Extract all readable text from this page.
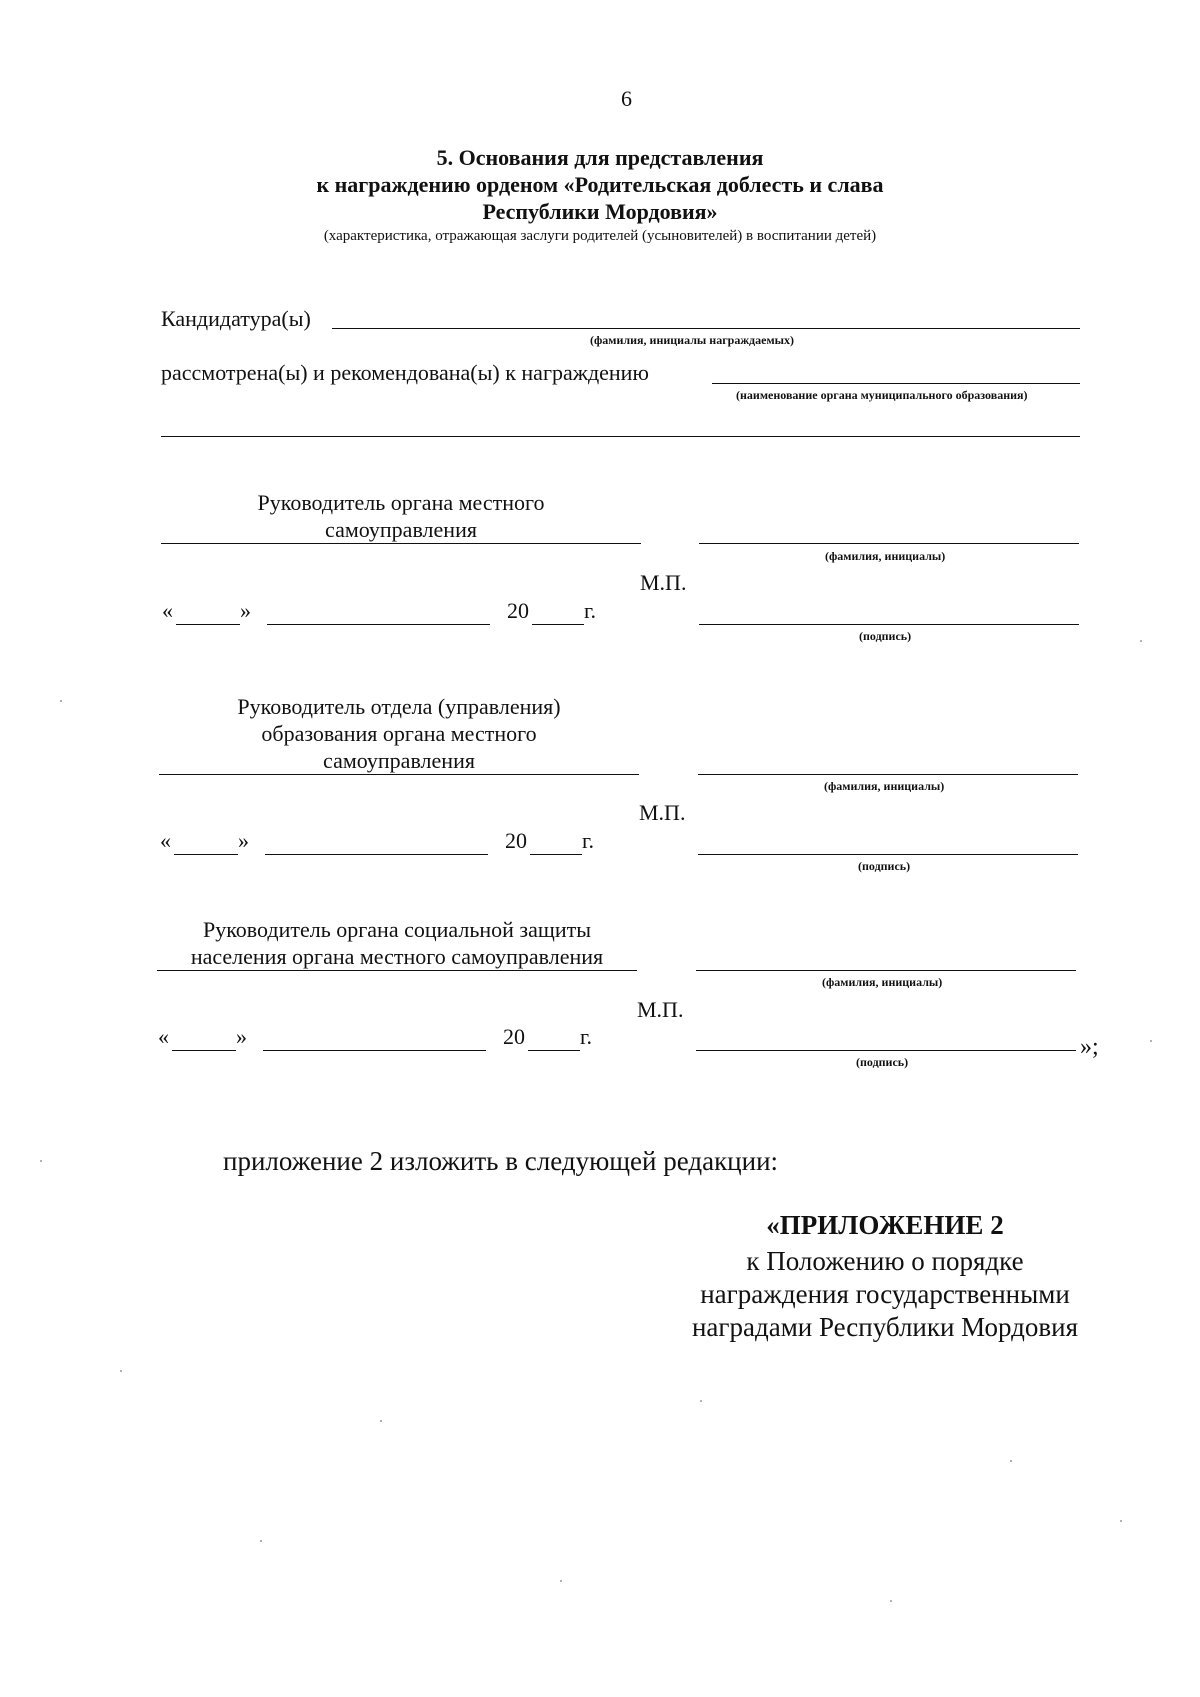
6
5. Основания для представления
к награждению орденом «Родительская доблесть и слава
Республики Мордовия»
(характеристика, отражающая заслуги родителей (усыновителей) в воспитании детей)
Кандидатура(ы)
(фамилия, инициалы награждаемых)
рассмотрена(ы) и рекомендована(ы) к награждению
(наименование органа муниципального образования)
Руководитель органа местного
самоуправления
(фамилия, инициалы)
М.П.
«	»	20	г.
(подпись)
Руководитель отдела (управления)
образования органа местного
самоуправления
(фамилия, инициалы)
М.П.
«	»	20	г.
(подпись)
Руководитель органа социальной защиты
населения органа местного самоуправления
(фамилия, инициалы)
М.П.
«	»	20	г.	»;
(подпись)
приложение 2 изложить в следующей редакции:
«ПРИЛОЖЕНИЕ 2
к Положению о порядке
награждения государственными
наградами Республики Мордовия
